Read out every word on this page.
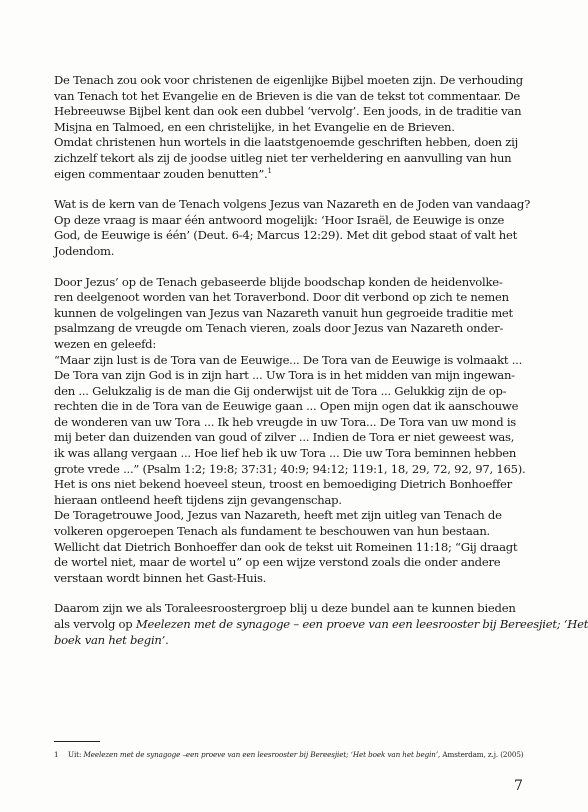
De Tenach zou ook voor christenen de eigenlijke Bijbel moeten zijn. De verhouding
van Tenach tot het Evangelie en de Brieven is die van de tekst tot commentaar. De
Hebreeuwse Bijbel kent dan ook een dubbel ‘vervolg’. Een joods, in de traditie van
Misjna en Talmoed, en een christelijke, in het Evangelie en de Brieven.
Omdat christenen hun wortels in die laatstgenoemde geschriften hebben, doen zij
zichzelf tekort als zij de joodse uitleg niet ter verheldering en aanvulling van hun
eigen commentaar zouden benutten”.$^1$
Wat is de kern van de Tenach volgens Jezus van Nazareth en de Joden van vandaag?
Op deze vraag is maar één antwoord mogelijk: ‘Hoor Israël, de Eeuwige is onze
God, de Eeuwige is één’ (Deut. 6-4; Marcus 12:29). Met dit gebod staat of valt het
Jodendom.
Door Jezus’ op de Tenach gebaseerde blijde boodschap konden de heidenvolke-
ren deelgenoot worden van het Toraverbond. Door dit verbond op zich te nemen
kunnen de volgelingen van Jezus van Nazareth vanuit hun gegroeide traditie met
psalmzang de vreugde om Tenach vieren, zoals door Jezus van Nazareth onder-
wezen en geleefd:
“Maar zijn lust is de Tora van de Eeuwige... De Tora van de Eeuwige is volmaakt ...
De Tora van zijn God is in zijn hart ... Uw Tora is in het midden van mijn ingewan-
den ... Gelukzalig is de man die Gij onderwijst uit de Tora ... Gelukkig zijn de op-
rechten die in de Tora van de Eeuwige gaan ... Open mijn ogen dat ik aanschouwe
de wonderen van uw Tora ... Ik heb vreugde in uw Tora... De Tora van uw mond is
mij beter dan duizenden van goud of zilver ... Indien de Tora er niet geweest was,
ik was allang vergaan ... Hoe lief heb ik uw Tora ... Die uw Tora beminnen hebben
grote vrede ...” (Psalm 1:2; 19:8; 37:31; 40:9; 94:12; 119:1, 18, 29, 72, 92, 97, 165).
Het is ons niet bekend hoeveel steun, troost en bemoediging Dietrich Bonhoeffer
hieraan ontleend heeft tijdens zijn gevangenschap.
De Toragetrouwe Jood, Jezus van Nazareth, heeft met zijn uitleg van Tenach de
volkeren opgeroepen Tenach als fundament te beschouwen van hun bestaan.
Wellicht dat Dietrich Bonhoeffer dan ook de tekst uit Romeinen 11:18; “Gij draagt
de wortel niet, maar de wortel u” op een wijze verstond zoals die onder andere
verstaan wordt binnen het Gast-Huis.
Daarom zijn we als Toraleesroostergroep blij u deze bundel aan te kunnen bieden
als vervolg op Meelezen met de synagoge – een proeve van een leesrooster bij Bereesjiet; ‘Het
boek van het begin’.
1 Uit: Meelezen met de synagoge –een proeve van een leesrooster bij Bereesjiet; ‘Het boek van het begin’, Amsterdam, z.j. (2005)
7
